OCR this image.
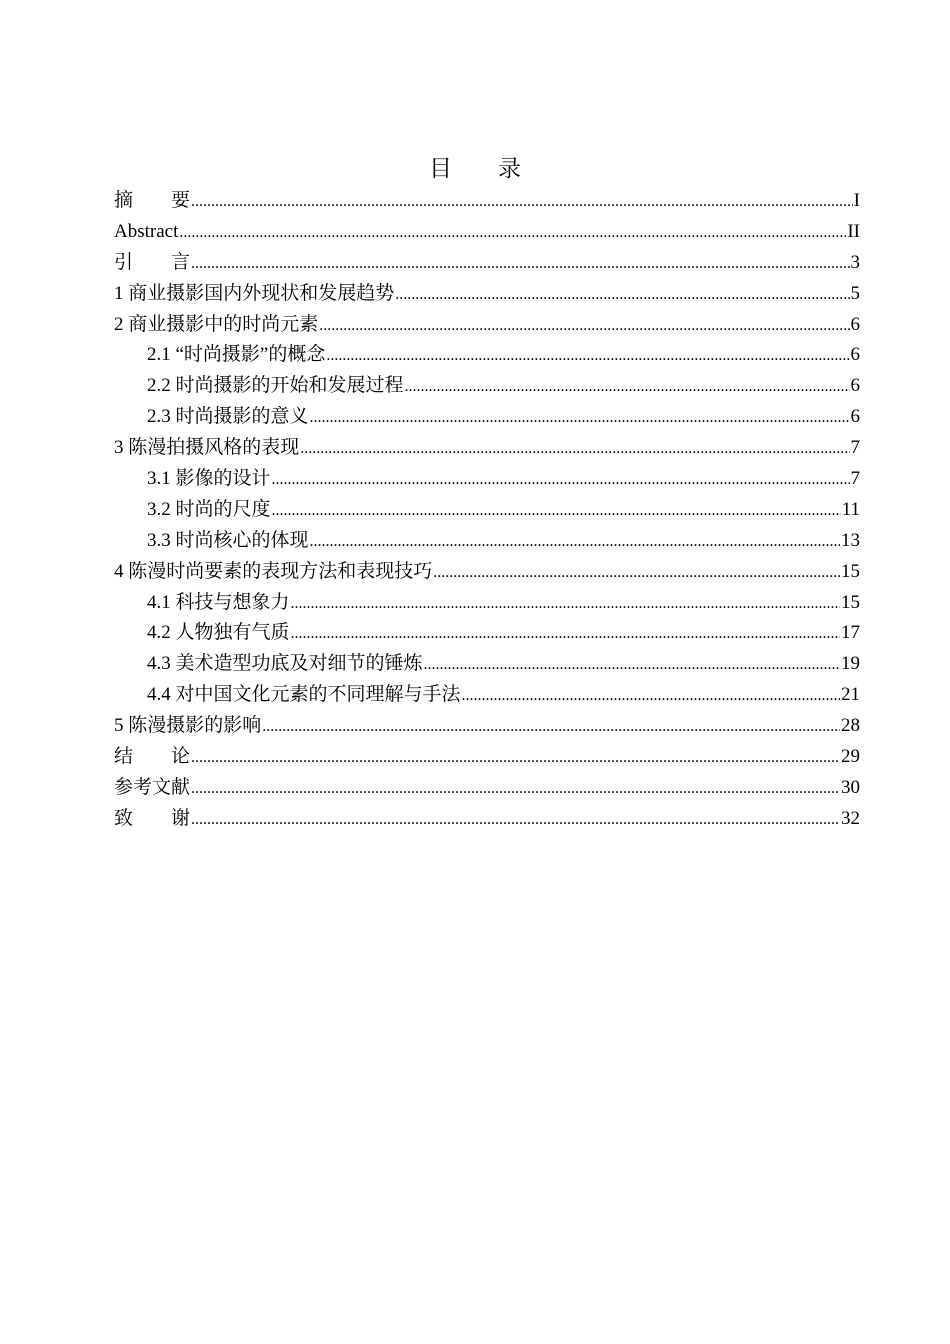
目　　录
摘　　要 .....	I
Abstract .....	II
引　　言 .....	3
1 商业摄影国内外现状和发展趋势 .....	5
2 商业摄影中的时尚元素 .....	6
2.1 “时尚摄影”的概念 .....	6
2.2 时尚摄影的开始和发展过程 .....	6
2.3 时尚摄影的意义 .....	6
3 陈漫拍摄风格的表现 .....	7
3.1 影像的设计 .....	7
3.2 时尚的尺度 .....	11
3.3 时尚核心的体现 .....	13
4 陈漫时尚要素的表现方法和表现技巧 .....	15
4.1 科技与想象力 .....	15
4.2 人物独有气质 .....	17
4.3 美术造型功底及对细节的锤炼 .....	19
4.4 对中国文化元素的不同理解与手法 .....	21
5 陈漫摄影的影响 .....	28
结　　论 .....	29
参考文献 .....	30
致　　谢 .....	32
